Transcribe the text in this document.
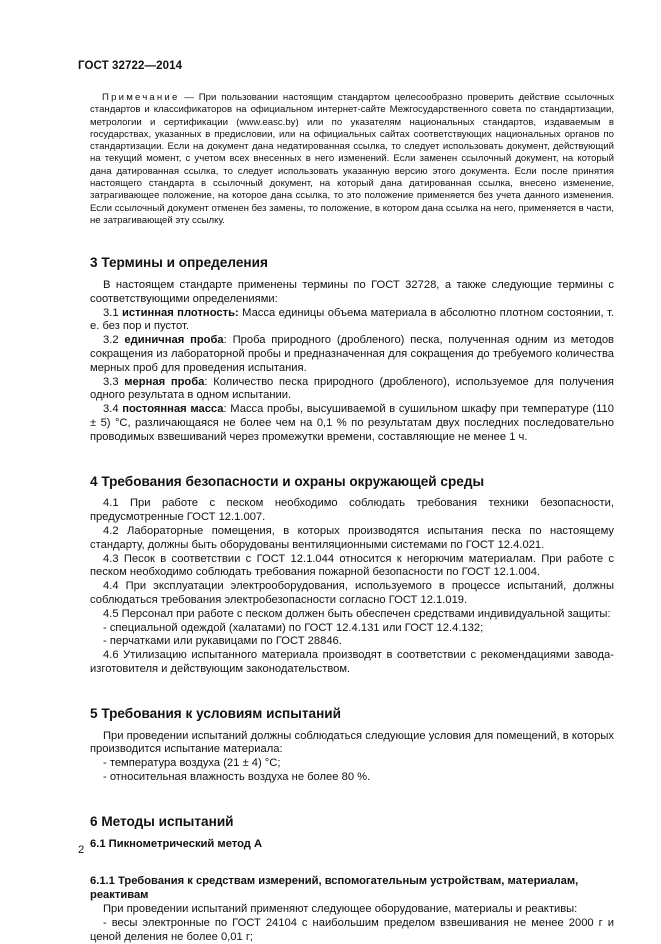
ГОСТ 32722—2014

Примечание — При пользовании настоящим стандартом целесообразно проверить действие ссылочных стандартов и классификаторов на официальном интернет-сайте Межгосударственного совета по стандартизации, метрологии и сертификации (www.easc.by) или по указателям национальных стандартов, издаваемым в государствах, указанных в предисловии, или на официальных сайтах соответствующих национальных органов по стандартизации. Если на документ дана недатированная ссылка, то следует использовать документ, действующий на текущий момент, с учетом всех внесенных в него изменений. Если заменен ссылочный документ, на который дана датированная ссылка, то следует использовать указанную версию этого документа. Если после принятия настоящего стандарта в ссылочный документ, на который дана датированная ссылка, внесено изменение, затрагивающее положение, на которое дана ссылка, то это положение применяется без учета данного изменения. Если ссылочный документ отменен без замены, то положение, в котором дана ссылка на него, применяется в части, не затрагивающей эту ссылку.

3 Термины и определения

В настоящем стандарте применены термины по ГОСТ 32728, а также следующие термины с соответствующими определениями:

3.1 истинная плотность: Масса единицы объема материала в абсолютно плотном состоянии, т. е. без пор и пустот.

3.2 единичная проба: Проба природного (дробленого) песка, полученная одним из методов сокращения из лабораторной пробы и предназначенная для сокращения до требуемого количества мерных проб для проведения испытания.

3.3 мерная проба: Количество песка природного (дробленого), используемое для получения одного результата в одном испытании.

3.4 постоянная масса: Масса пробы, высушиваемой в сушильном шкафу при температуре (110 ± 5) °С, различающаяся не более чем на 0,1 % по результатам двух последних последовательно проводимых взвешиваний через промежутки времени, составляющие не менее 1 ч.

4 Требования безопасности и охраны окружающей среды

4.1 При работе с песком необходимо соблюдать требования техники безопасности, предусмотренные ГОСТ 12.1.007.

4.2 Лабораторные помещения, в которых производятся испытания песка по настоящему стандарту, должны быть оборудованы вентиляционными системами по ГОСТ 12.4.021.

4.3 Песок в соответствии с ГОСТ 12.1.044 относится к негорючим материалам. При работе с песком необходимо соблюдать требования пожарной безопасности по ГОСТ 12.1.004.

4.4 При эксплуатации электрооборудования, используемого в процессе испытаний, должны соблюдаться требования электробезопасности согласно ГОСТ 12.1.019.

4.5 Персонал при работе с песком должен быть обеспечен средствами индивидуальной защиты:

- специальной одеждой (халатами) по ГОСТ 12.4.131 или ГОСТ 12.4.132;

- перчатками или рукавицами по ГОСТ 28846.

4.6 Утилизацию испытанного материала производят в соответствии с рекомендациями завода-изготовителя и действующим законодательством.

5 Требования к условиям испытаний

При проведении испытаний должны соблюдаться следующие условия для помещений, в которых производится испытание материала:

- температура воздуха (21 ± 4) °С;

- относительная влажность воздуха не более 80 %.

6 Методы испытаний
6.1 Пикнометрический метод А
6.1.1 Требования к средствам измерений, вспомогательным устройствам, материалам, реактивам

При проведении испытаний применяют следующее оборудование, материалы и реактивы:

- весы электронные по ГОСТ 24104 с наибольшим пределом взвешивания не менее 2000 г и ценой деления не более 0,01 г;

2
